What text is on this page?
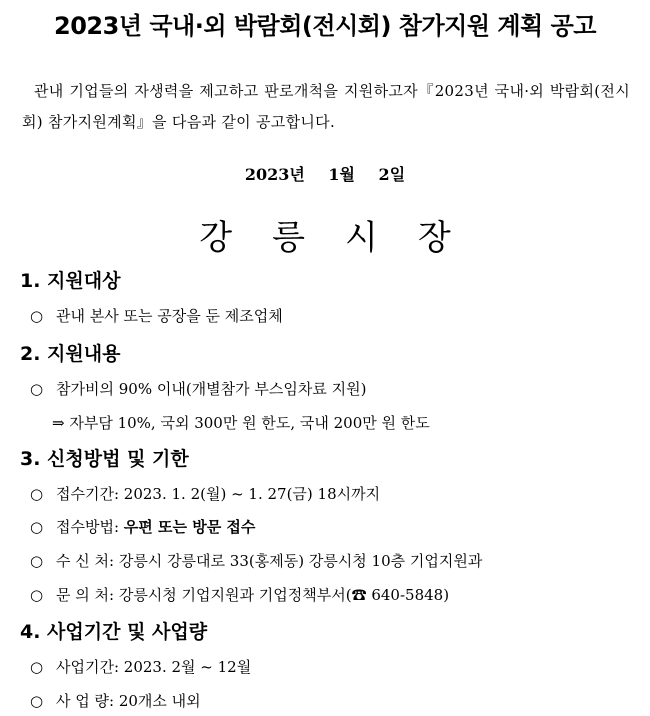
2023년 국내·외 박람회(전시회) 참가지원 계획 공고
관내 기업들의 자생력을 제고하고 판로개척을 지원하고자『2023년 국내·외 박람회(전시회) 참가지원계획』을 다음과 같이 공고합니다.
2023년 1월 2일
강릉시장
1. 지원대상
○ 관내 본사 또는 공장을 둔 제조업체
2. 지원내용
○ 참가비의 90% 이내(개별참가 부스임차료 지원)
⇒ 자부담 10%, 국외 300만 원 한도, 국내 200만 원 한도
3. 신청방법 및 기한
○ 접수기간: 2023. 1. 2(월) ~ 1. 27(금) 18시까지
○ 접수방법: 우편 또는 방문 접수
○ 수 신 처: 강릉시 강릉대로 33(홍제동) 강릉시청 10층 기업지원과
○ 문 의 처: 강릉시청 기업지원과 기업정책부서(☎ 640-5848)
4. 사업기간 및 사업량
○ 사업기간: 2023. 2월 ~ 12월
○ 사 업 량: 20개소 내외
